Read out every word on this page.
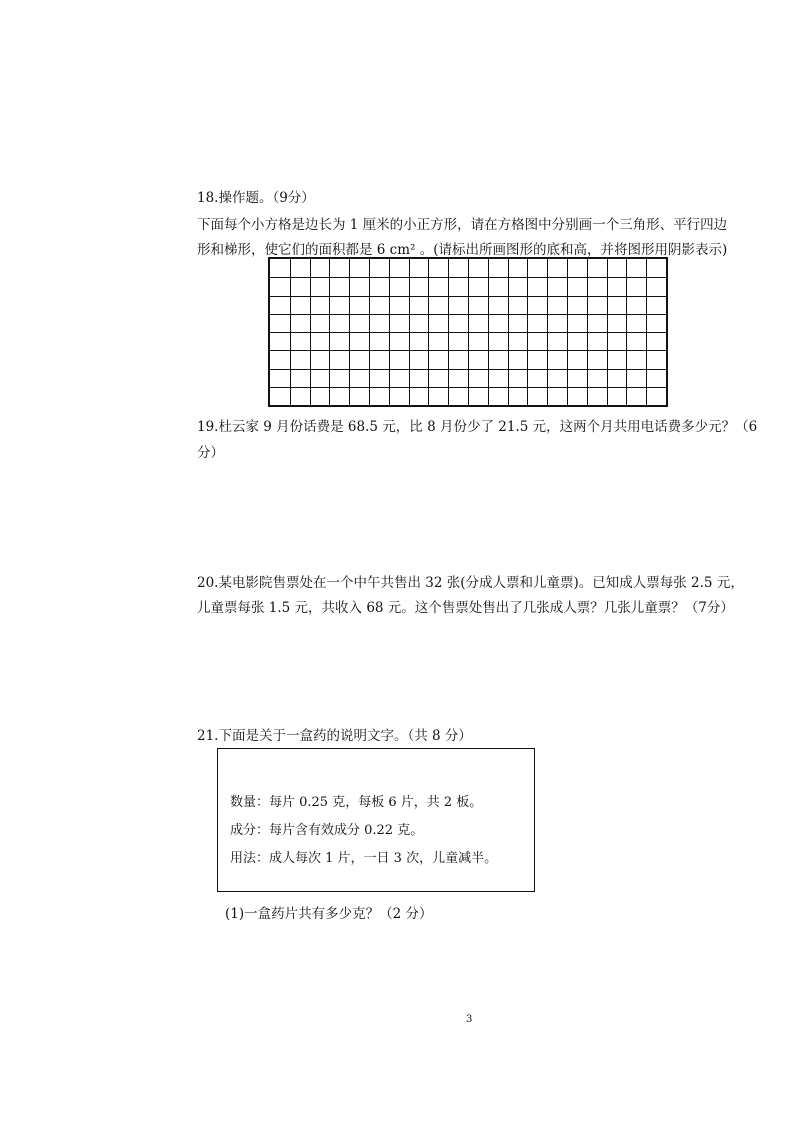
18.操作题。（9分）
下面每个小方格是边长为 1 厘米的小正方形，请在方格图中分别画一个三角形、平行四边
形和梯形，使它们的面积都是 6 cm² 。(请标出所画图形的底和高，并将图形用阴影表示)
19.杜云家 9 月份话费是 68.5 元，比 8 月份少了 21.5 元，这两个月共用电话费多少元？（6
分）
20.某电影院售票处在一个中午共售出 32 张(分成人票和儿童票)。已知成人票每张 2.5 元，
儿童票每张 1.5 元，共收入 68 元。这个售票处售出了几张成人票？几张儿童票？（7分）
21.下面是关于一盒药的说明文字。（共 8 分）
数量：每片 0.25 克，每板 6 片，共 2 板。
成分：每片含有效成分 0.22 克。
用法：成人每次 1 片，一日 3 次，儿童减半。
(1)一盒药片共有多少克？（2 分）
3
